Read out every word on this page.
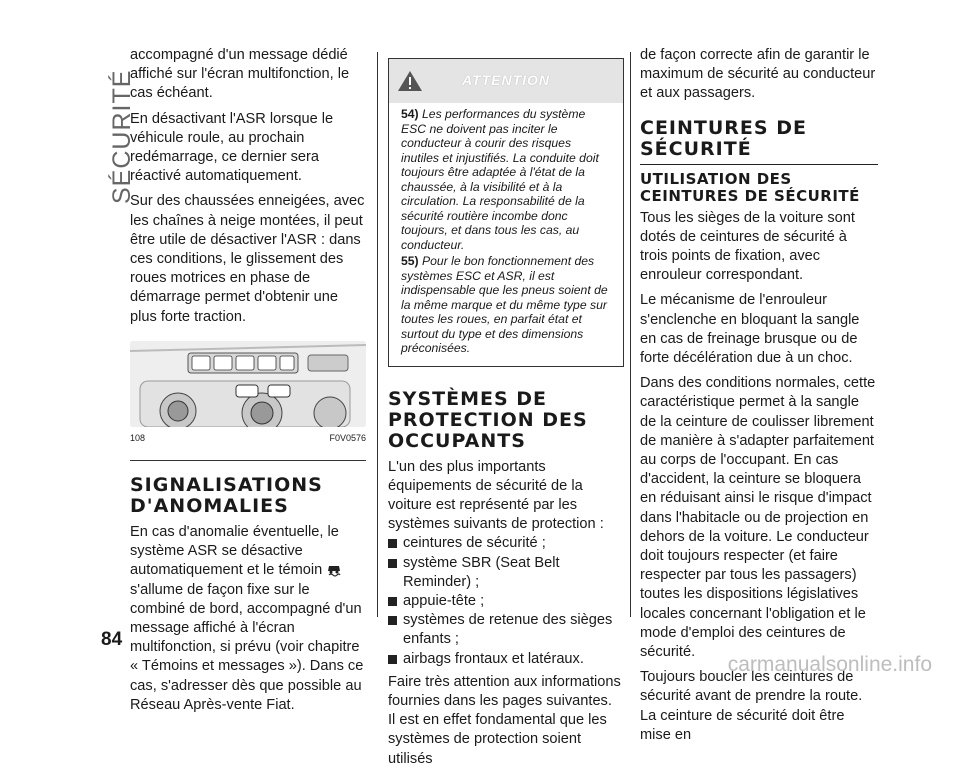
SÉCURITÉ

accompagné d'un message dédié affiché sur l'écran multifonction, le cas échéant.

En désactivant l'ASR lorsque le véhicule roule, au prochain redémarrage, ce dernier sera réactivé automatiquement.

Sur des chaussées enneigées, avec les chaînes à neige montées, il peut être utile de désactiver l'ASR : dans ces conditions, le glissement des roues motrices en phase de démarrage permet d'obtenir une plus forte traction.

108	F0V0576
SIGNALISATIONS D'ANOMALIES

En cas d'anomalie éventuelle, le système ASR se désactive automatiquement et le témoin  s'allume de façon fixe sur le combiné de bord, accompagné d'un message affiché à l'écran multifonction, si prévu (voir chapitre « Témoins et messages »). Dans ce cas, s'adresser dès que possible au Réseau Après-vente Fiat.

ATTENTION

54) Les performances du système ESC ne doivent pas inciter le conducteur à courir des risques inutiles et injustifiés. La conduite doit toujours être adaptée à l'état de la chaussée, à la visibilité et à la circulation. La responsabilité de la sécurité routière incombe donc toujours, et dans tous les cas, au conducteur.

55) Pour le bon fonctionnement des systèmes ESC et ASR, il est indispensable que les pneus soient de la même marque et du même type sur toutes les roues, en parfait état et surtout du type et des dimensions préconisées.

SYSTÈMES DE PROTECTION DES OCCUPANTS

L'un des plus importants équipements de sécurité de la voiture est représenté par les systèmes suivants de protection :

ceintures de sécurité ;
système SBR (Seat Belt Reminder) ;
appuie-tête ;
systèmes de retenue des sièges enfants ;
airbags frontaux et latéraux.

Faire très attention aux informations fournies dans les pages suivantes.

Il est en effet fondamental que les systèmes de protection soient utilisés

de façon correcte afin de garantir le maximum de sécurité au conducteur et aux passagers.

CEINTURES DE SÉCURITÉ
UTILISATION DES CEINTURES DE SÉCURITÉ

Tous les sièges de la voiture sont dotés de ceintures de sécurité à trois points de fixation, avec enrouleur correspondant.

Le mécanisme de l'enrouleur s'enclenche en bloquant la sangle en cas de freinage brusque ou de forte décélération due à un choc.

Dans des conditions normales, cette caractéristique permet à la sangle de la ceinture de coulisser librement de manière à s'adapter parfaitement au corps de l'occupant. En cas d'accident, la ceinture se bloquera en réduisant ainsi le risque d'impact dans l'habitacle ou de projection en dehors de la voiture. Le conducteur doit toujours respecter (et faire respecter par tous les passagers) toutes les dispositions législatives locales concernant l'obligation et le mode d'emploi des ceintures de sécurité.

Toujours boucler les ceintures de sécurité avant de prendre la route. La ceinture de sécurité doit être mise en

84
carmanualsonline.info
